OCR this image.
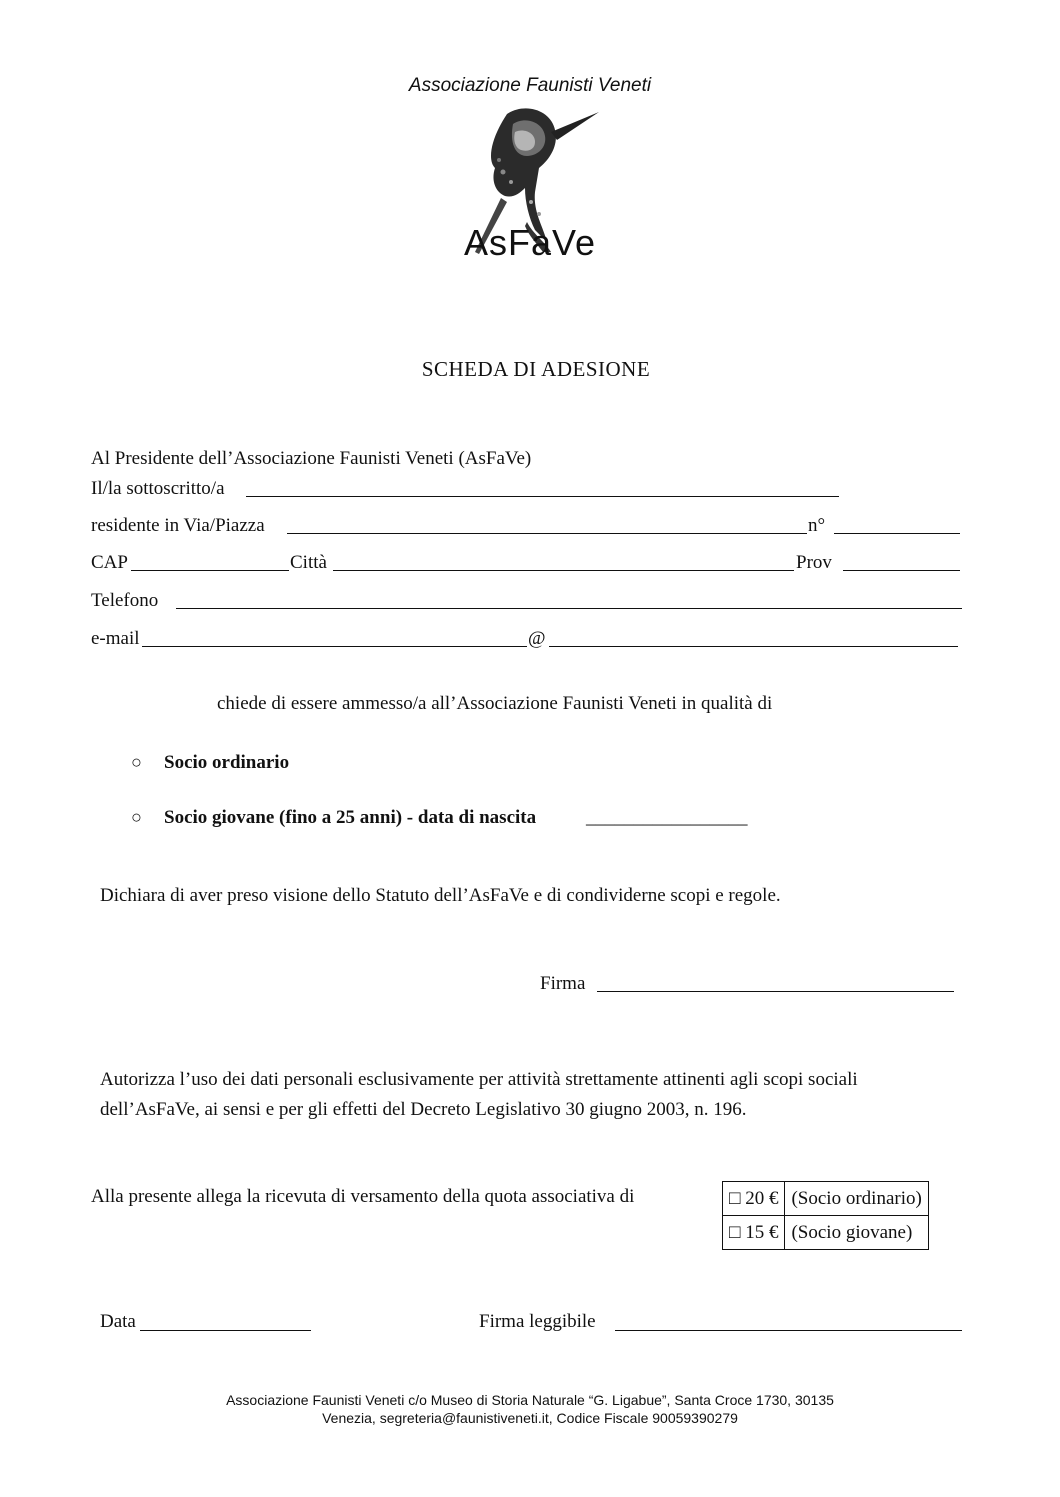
Associazione Faunisti Veneti
AsFaVe
SCHEDA DI ADESIONE
Al Presidente dell’Associazione Faunisti Veneti (AsFaVe)
Il/la sottoscritto/a
residente in Via/Piazza	n°
CAP	Città	Prov
Telefono
e-mail	@
chiede di essere ammesso/a all’Associazione Faunisti Veneti in qualità di
○ Socio ordinario
○ Socio giovane (fino a 25 anni) - data di nascita	_________________
Dichiara di aver preso visione dello Statuto dell’AsFaVe e di condividerne scopi e regole.
Firma
Autorizza l’uso dei dati personali esclusivamente per attività strettamente attinenti agli scopi sociali
dell’AsFaVe, ai sensi e per gli effetti del Decreto Legislativo 30 giugno 2003, n. 196.
Alla presente allega la ricevuta di versamento della quota associativa di	□ 20 €	(Socio ordinario)
□ 15 €	(Socio giovane)
Data	Firma leggibile
Associazione Faunisti Veneti c/o Museo di Storia Naturale “G. Ligabue”, Santa Croce 1730, 30135
Venezia, segreteria@faunistiveneti.it, Codice Fiscale 90059390279
